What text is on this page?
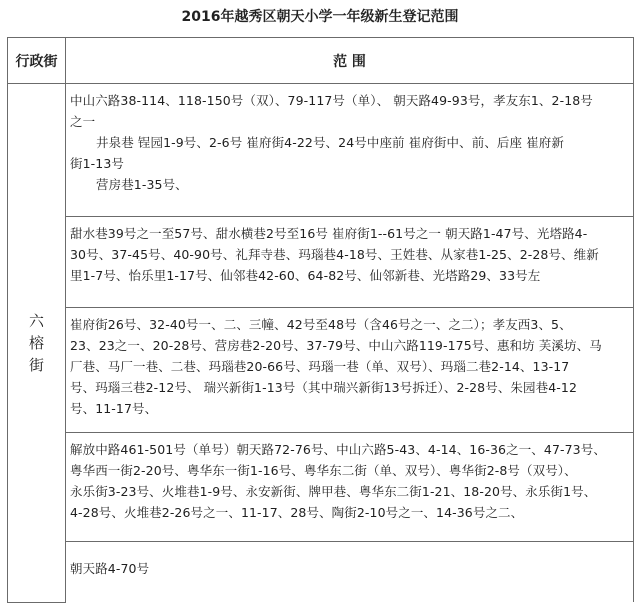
2016年越秀区朝天小学一年级新生登记范围
行政街	范 围

六
榕
街	中山六路38-114、118-150号（双）、79-117号（单）、 朝天路49-93号，孝友东1、2-18号
之一
井泉巷 锃园1-9号、2-6号 崔府街4-22号、24号中座前 崔府街中、前、后座 崔府新
街1-13号
营房巷1-35号、

	甜水巷39号之一至57号、甜水横巷2号至16号 崔府街1--61号之一 朝天路1-47号、光塔路4-
30号、37-45号、40-90号、礼拜寺巷、玛瑙巷4-18号、王姓巷、从家巷1-25、2-28号、维新
里1-7号、怡乐里1-17号、仙邻巷42-60、64-82号、仙邻新巷、光塔路29、33号左

	崔府街26号、32-40号一、二、三幢、42号至48号（含46号之一、之二）；孝友西3、5、
23、23之一、20-28号、营房巷2-20号、37-79号、中山六路119-175号、惠和坊 芙溪坊、马
厂巷、马厂一巷、二巷、玛瑙巷20-66号、玛瑙一巷（单、双号）、玛瑙二巷2-14、13-17
号、玛瑙三巷2-12号、 瑞兴新街1-13号（其中瑞兴新街13号拆迁）、2-28号、朱园巷4-12
号、11-17号、

	解放中路461-501号（单号）朝天路72-76号、中山六路5-43、4-14、16-36之一、47-73号、
粤华西一街2-20号、粤华东一街1-16号、粤华东二街（单、双号）、粤华街2-8号（双号）、
永乐街3-23号、火堆巷1-9号、永安新街、牌甲巷、粤华东二街1-21、18-20号、永乐街1号、
4-28号、火堆巷2-26号之一、11-17、28号、陶街2-10号之一、14-36号之二、

	朝天路4-70号
